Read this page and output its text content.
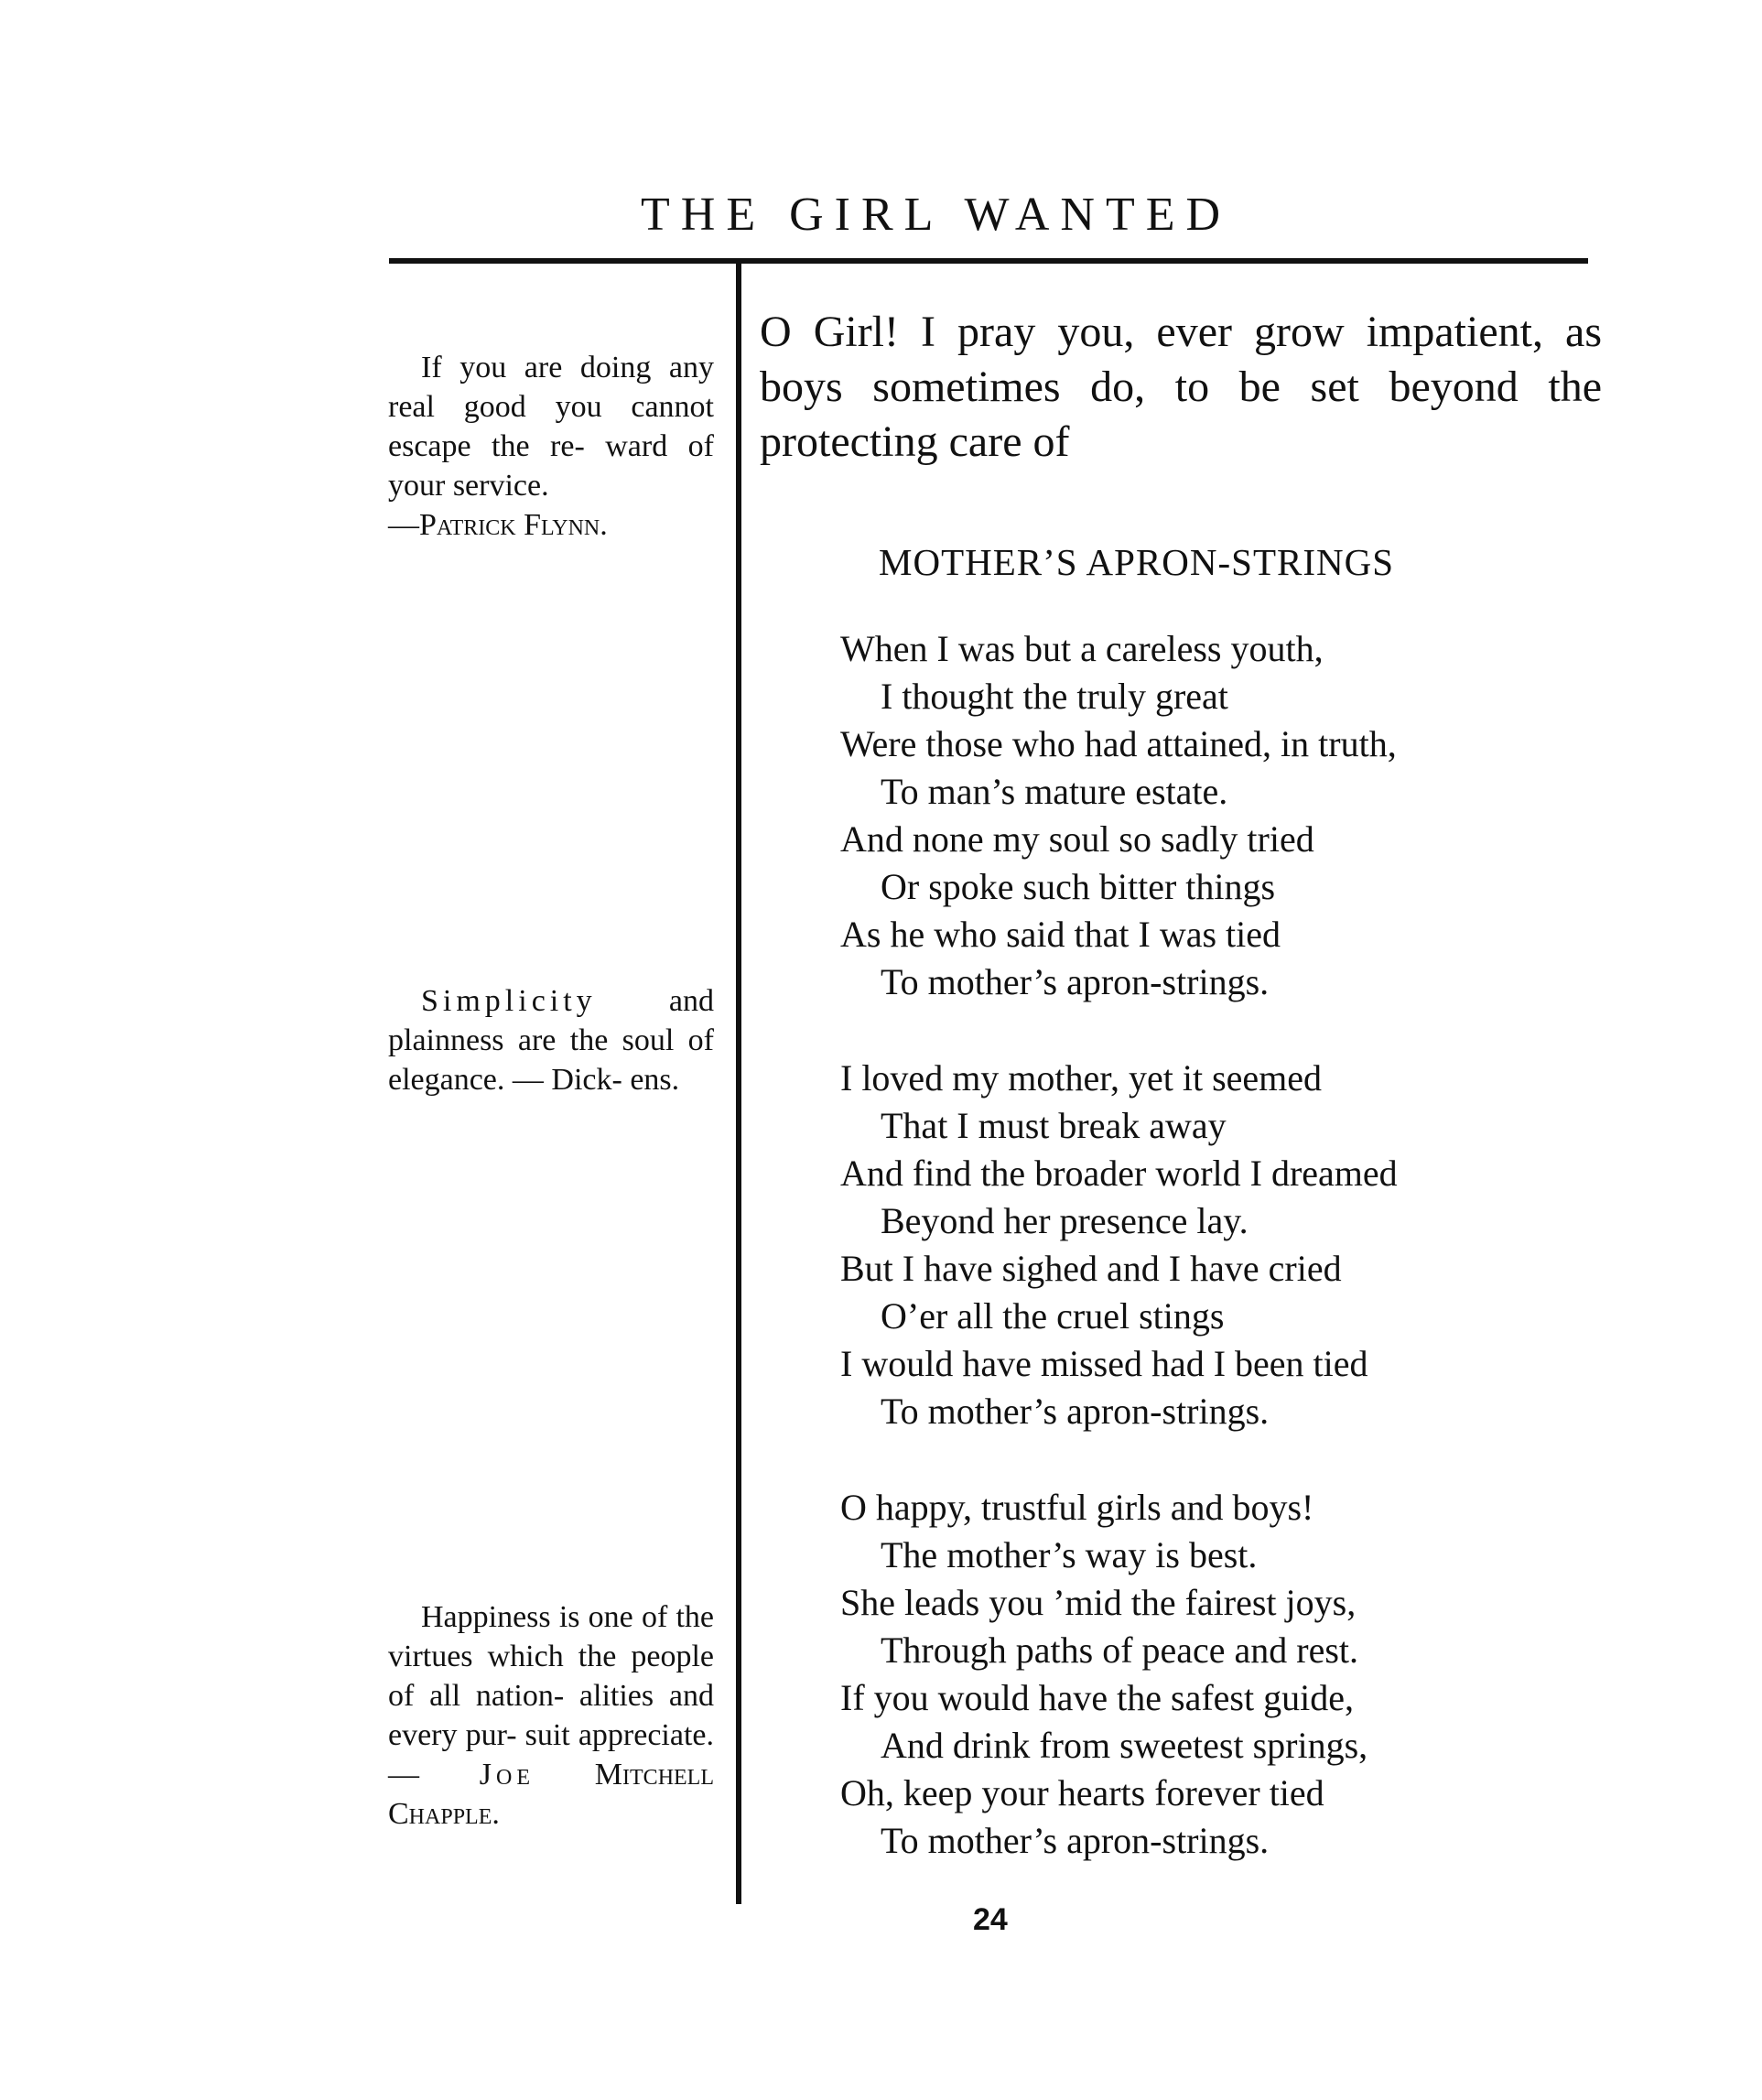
THE GIRL WANTED

If you are doing any real good you cannot escape the re- ward of your service.
—Patrick Flynn.

Simplicity and plainness are the soul of elegance. — Dick- ens.

Happiness is one of the virtues which the people of all nation- alities and every pur- suit appreciate.— Joe Mitchell Chapple.

O Girl! I pray you, ever grow impatient, as boys sometimes do, to be set beyond the protecting care of

MOTHER’S APRON-STRINGS

When I was but a careless youth,
I thought the truly great
Were those who had attained, in truth,
To man’s mature estate.
And none my soul so sadly tried
Or spoke such bitter things
As he who said that I was tied
To mother’s apron-strings.
I loved my mother, yet it seemed
That I must break away
And find the broader world I dreamed
Beyond her presence lay.
But I have sighed and I have cried
O’er all the cruel stings
I would have missed had I been tied
To mother’s apron-strings.
O happy, trustful girls and boys!
The mother’s way is best.
She leads you ’mid the fairest joys,
Through paths of peace and rest.
If you would have the safest guide,
And drink from sweetest springs,
Oh, keep your hearts forever tied
To mother’s apron-strings.
24
